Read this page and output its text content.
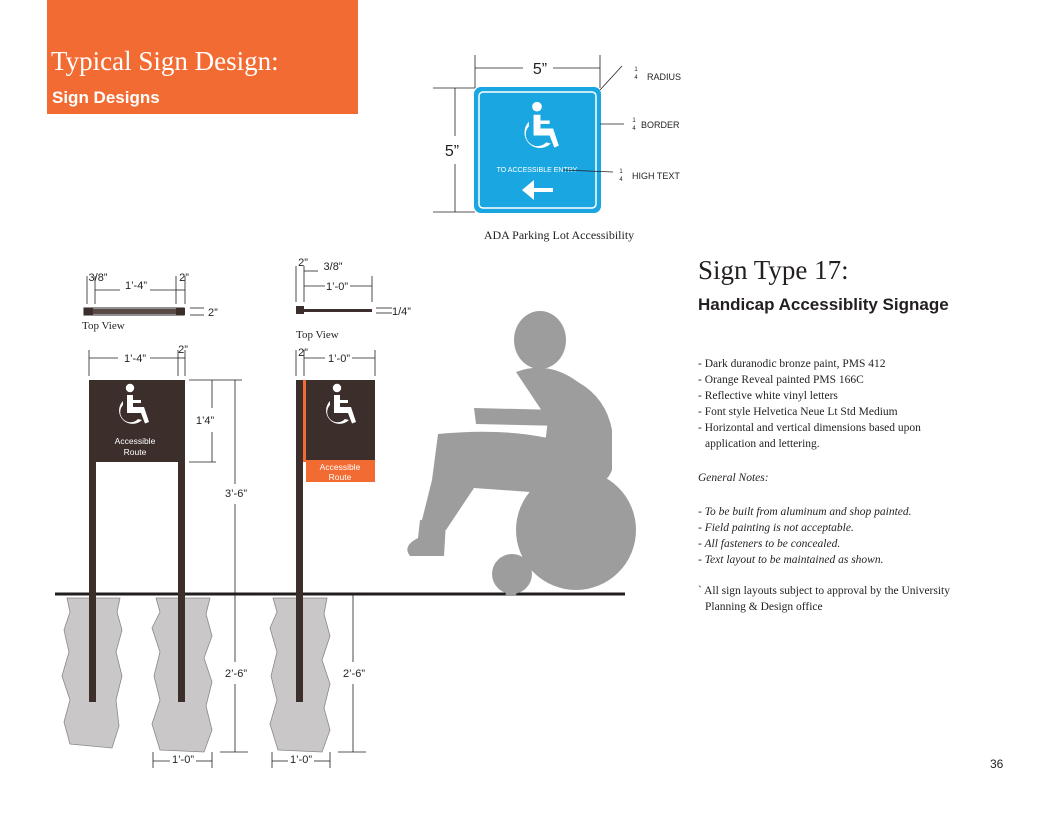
Typical Sign Design:
Sign Designs
TO ACCESSIBLE ENTRY
5”
5”
1
4 RADIUS
1
4 BORDER
1
4 HIGH TEXT
ADA Parking Lot Accessibility
Accessible
Route
3/8”
1’-4”
2”
2”
Top View
1’-4”
2”
1’4”
3’-6”
2’-6”
1’-0”
Accessible
Route
2” 3/8”
1’-0”
1/4”
Top View
2” 1’-0”
2’-6”
1’-0”
Sign Type 17:
Handicap Accessiblity Signage
- Dark duranodic bronze paint, PMS 412
- Orange Reveal painted PMS 166C
- Reflective white vinyl letters
- Font style Helvetica Neue Lt Std Medium
- Horizontal and vertical dimensions based upon
application and lettering.
General Notes:
- To be built from aluminum and shop painted.
- Field painting is not acceptable.
- All fasteners to be concealed.
- Text layout to be maintained as shown.
` All sign layouts subject to approval by the University
Planning & Design office
36
